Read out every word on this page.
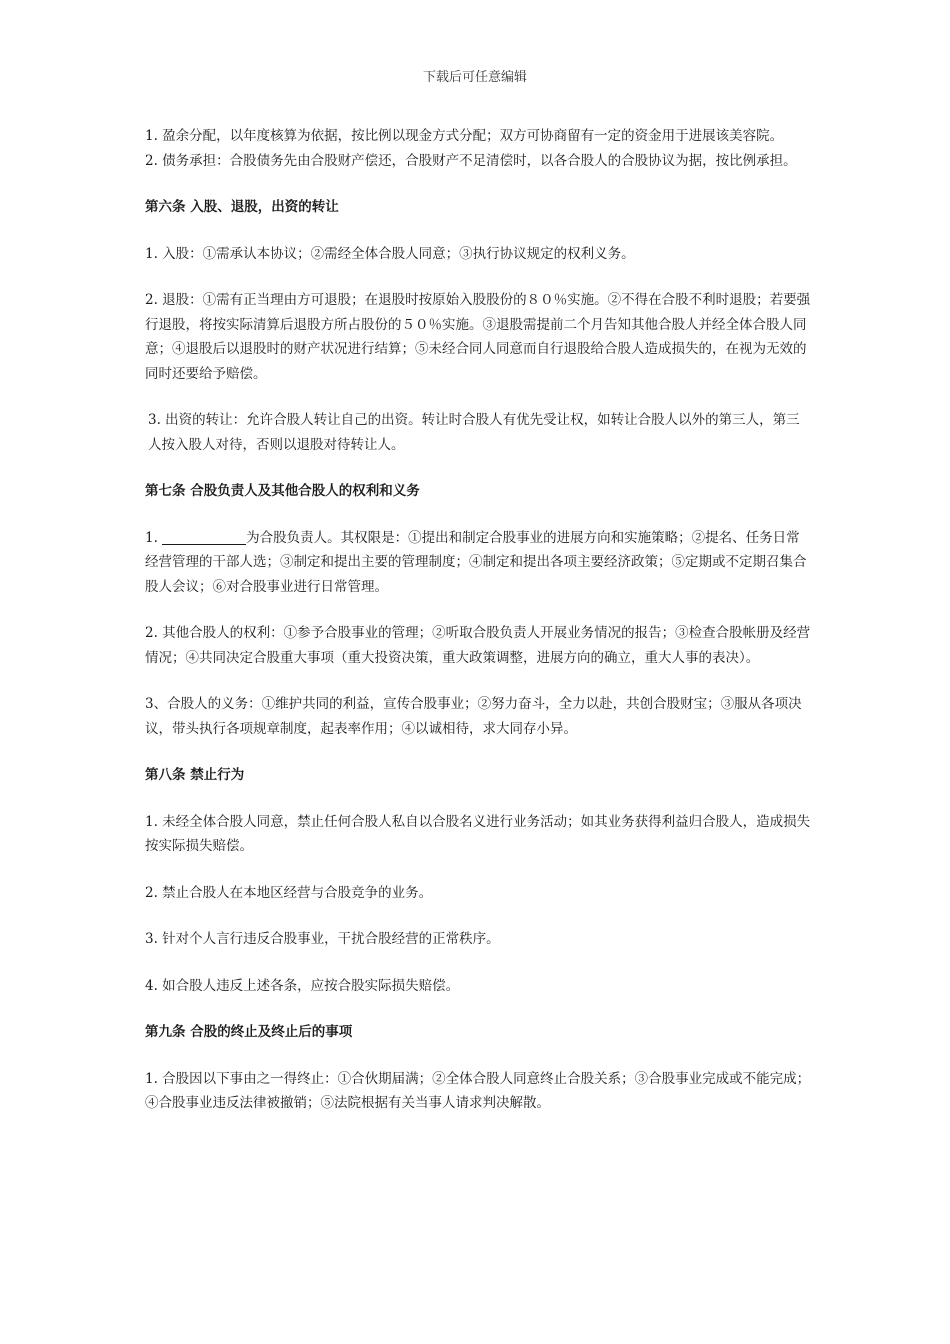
下载后可任意编辑

1. 盈余分配，以年度核算为依据，按比例以现金方式分配；双方可协商留有一定的资金用于进展该美容院。

2. 债务承担：合股债务先由合股财产偿还，合股财产不足清偿时，以各合股人的合股协议为据，按比例承担。

第六条 入股、退股，出资的转让

1. 入股：①需承认本协议；②需经全体合股人同意；③执行协议规定的权利义务。

2. 退股：①需有正当理由方可退股；在退股时按原始入股股份的８０％实施。②不得在合股不利时退股；若要强行退股，将按实际清算后退股方所占股份的５０％实施。③退股需提前二个月告知其他合股人并经全体合股人同意；④退股后以退股时的财产状况进行结算；⑤未经合同人同意而自行退股给合股人造成损失的，在视为无效的同时还要给予赔偿。

3. 出资的转让：允许合股人转让自己的出资。转让时合股人有优先受让权，如转让合股人以外的第三人，第三人按入股人对待，否则以退股对待转让人。

第七条 合股负责人及其他合股人的权利和义务

1.	为合股负责人。其权限是：①提出和制定合股事业的进展方向和实施策略；②提名、任务日常经营管理的干部人选；③制定和提出主要的管理制度；④制定和提出各项主要经济政策；⑤定期或不定期召集合股人会议；⑥对合股事业进行日常管理。

2. 其他合股人的权利：①参予合股事业的管理；②听取合股负责人开展业务情况的报告；③检查合股帐册及经营情况；④共同决定合股重大事项（重大投资决策，重大政策调整，进展方向的确立，重大人事的表决）。

3、合股人的义务：①维护共同的利益，宣传合股事业；②努力奋斗，全力以赴，共创合股财宝；③服从各项决议，带头执行各项规章制度，起表率作用；④以诚相待，求大同存小异。

第八条 禁止行为

1. 未经全体合股人同意，禁止任何合股人私自以合股名义进行业务活动；如其业务获得利益归合股人，造成损失按实际损失赔偿。

2. 禁止合股人在本地区经营与合股竞争的业务。

3. 针对个人言行违反合股事业，干扰合股经营的正常秩序。

4. 如合股人违反上述各条，应按合股实际损失赔偿。

第九条 合股的终止及终止后的事项

1. 合股因以下事由之一得终止：①合伙期届满；②全体合股人同意终止合股关系；③合股事业完成或不能完成；④合股事业违反法律被撤销；⑤法院根据有关当事人请求判决解散。
